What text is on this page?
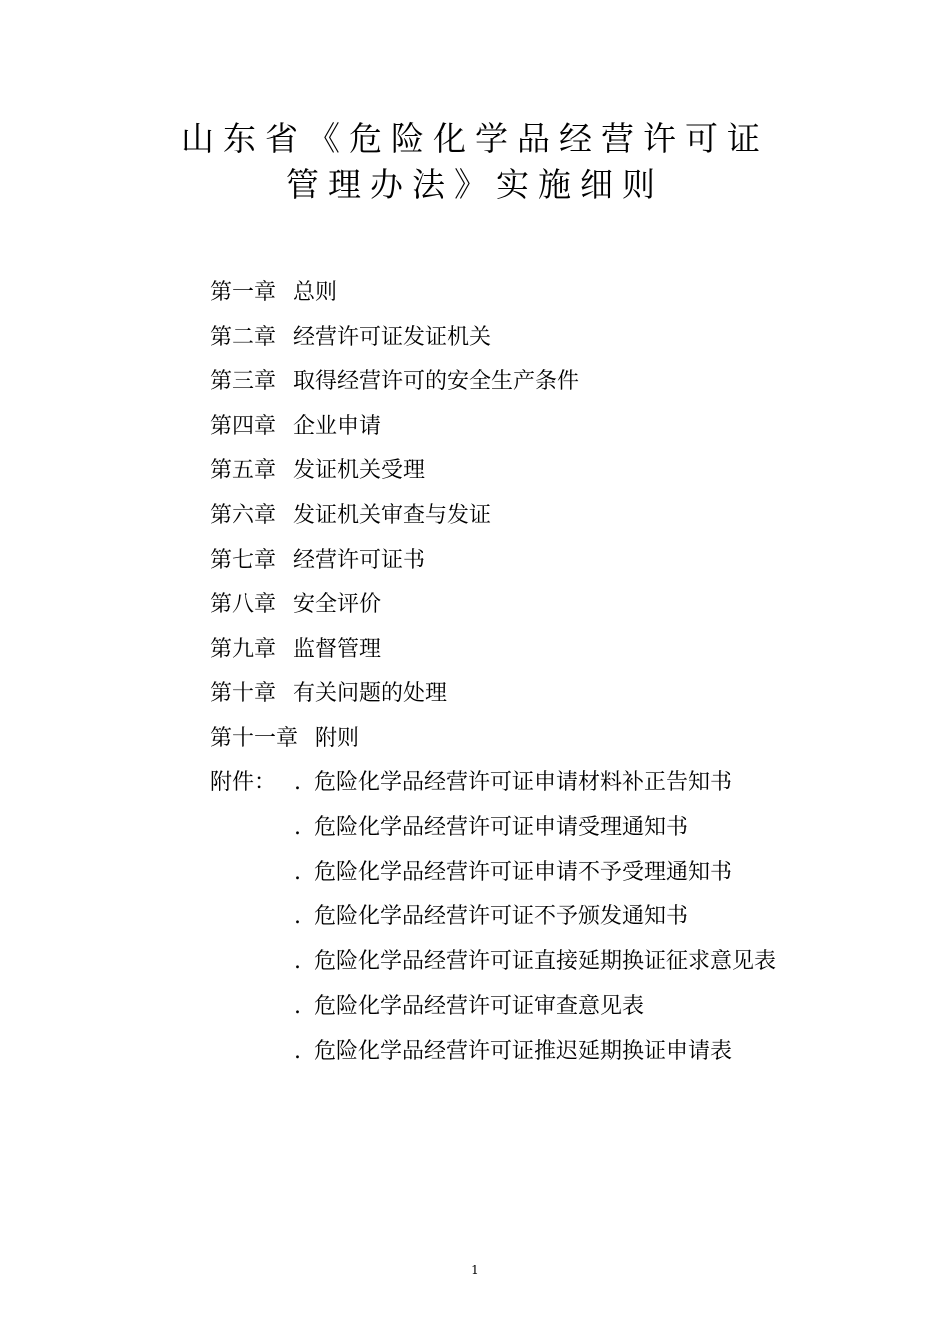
山东省《危险化学品经营许可证
管理办法》实施细则
第一章 总则
第二章 经营许可证发证机关
第三章 取得经营许可的安全生产条件
第四章 企业申请
第五章 发证机关受理
第六章 发证机关审查与发证
第七章 经营许可证书
第八章 安全评价
第九章 监督管理
第十章 有关问题的处理
第十一章 附则
附件： . 危险化学品经营许可证申请材料补正告知书
. 危险化学品经营许可证申请受理通知书
. 危险化学品经营许可证申请不予受理通知书
. 危险化学品经营许可证不予颁发通知书
. 危险化学品经营许可证直接延期换证征求意见表
. 危险化学品经营许可证审查意见表
. 危险化学品经营许可证推迟延期换证申请表
1
